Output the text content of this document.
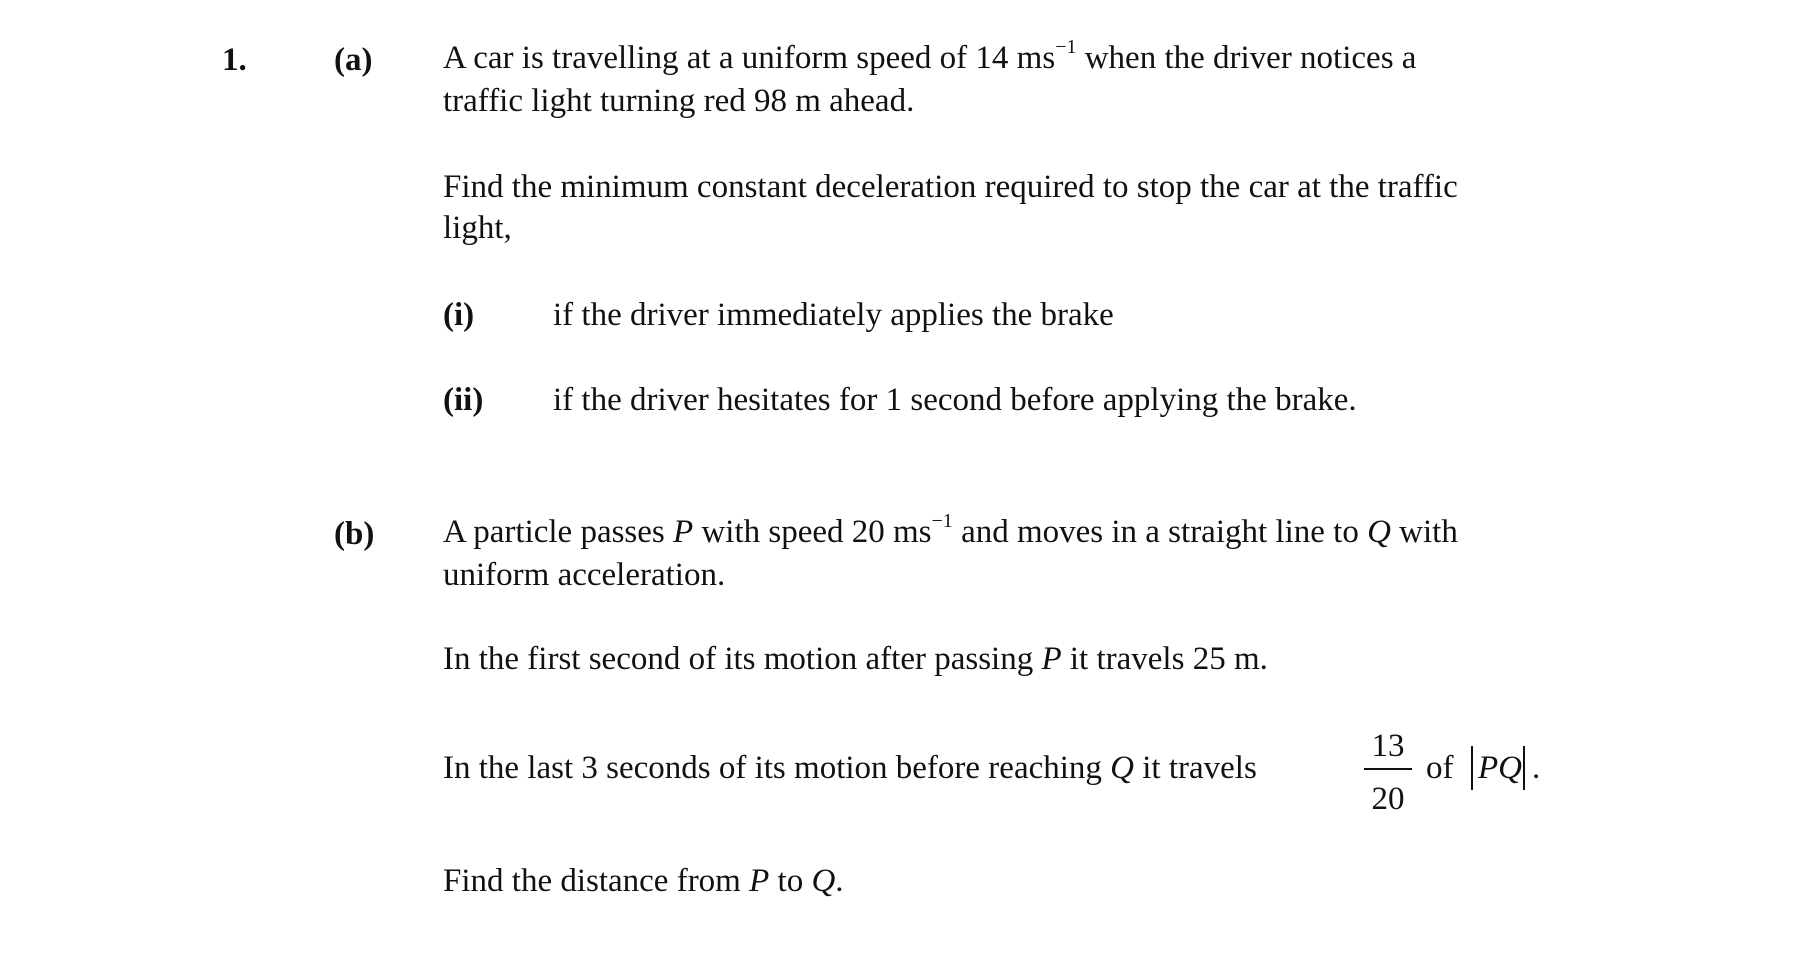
1.	(a) A car is travelling at a uniform speed of 14 $ms^{-1}$ when the driver notices a
traffic light turning red 98 m ahead.
Find the minimum constant deceleration required to stop the car at the traffic
light,
(i) if the driver immediately applies the brake
(ii) if the driver hesitates for 1 second before applying the brake.
(b) A particle passes P with speed 20 $ms^{-1}$ and moves in a straight line to Q with
uniform acceleration.
In the first second of its motion after passing P it travels 25 m.
In the last 3 seconds of its motion before reaching Q it travels
13
20
of PQ .
Find the distance from P to Q.
